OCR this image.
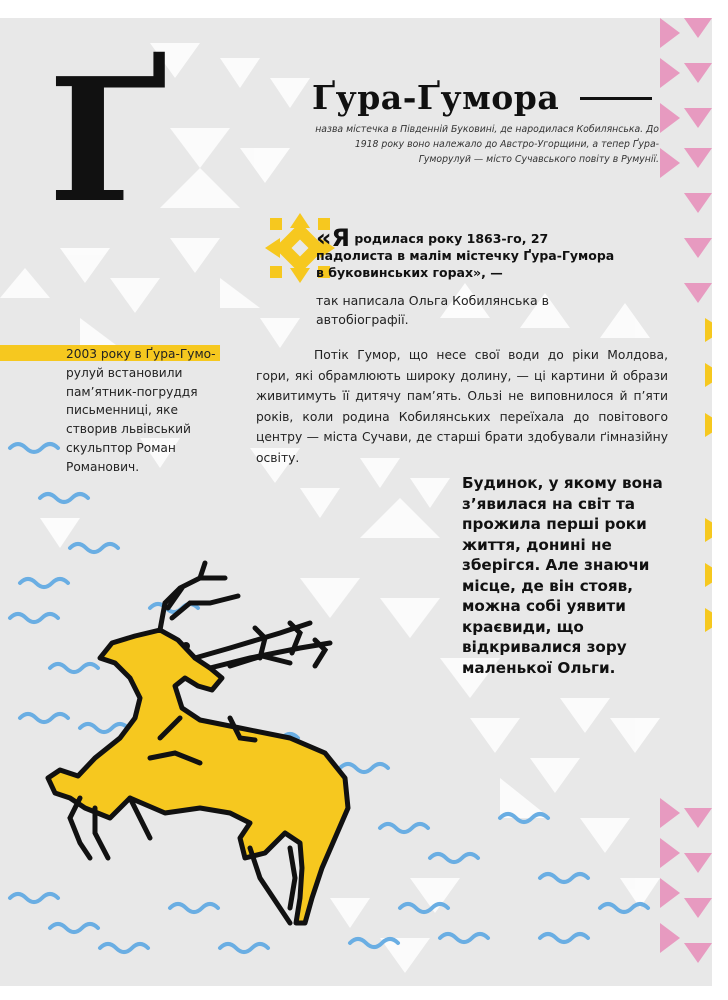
Ґ	Ґура-Ґумора
назва містечка в Південній Буковині, де народилася Кобилянська. До 1918 року воно належало до Австро-Угорщини, а тепер Ґура-Гуморулуй — місто Сучавського повіту в Румунії.
«Я родилася року 1863-го, 27 падолиста в малім містечку Ґура-Гумора в буковинських горах», —
так написала Ольга Кобилянська в автобіографії.
Потік Гумор, що несе свої води до ріки Молдова, гори, які обрамлюють широку долину, — ці картини й образи живитимуть її дитячу пам’ять. Ользі не виповнилося й п’яти років, коли родина Кобилянських переїхала до повітового центру — міста Сучави, де старші брати здобували ґімназійну освіту.
2003 року в Ґура-Гумо- рулуй встановили пам’ятник-погруддя письменниці, яке створив львівський скульптор Роман Романович.
Будинок, у якому вона з’явилася на світ та прожила перші роки життя, донині не зберігся. Але знаючи місце, де він стояв, можна собі уявити краєвиди, що відкривалися зору маленької Ольги.
